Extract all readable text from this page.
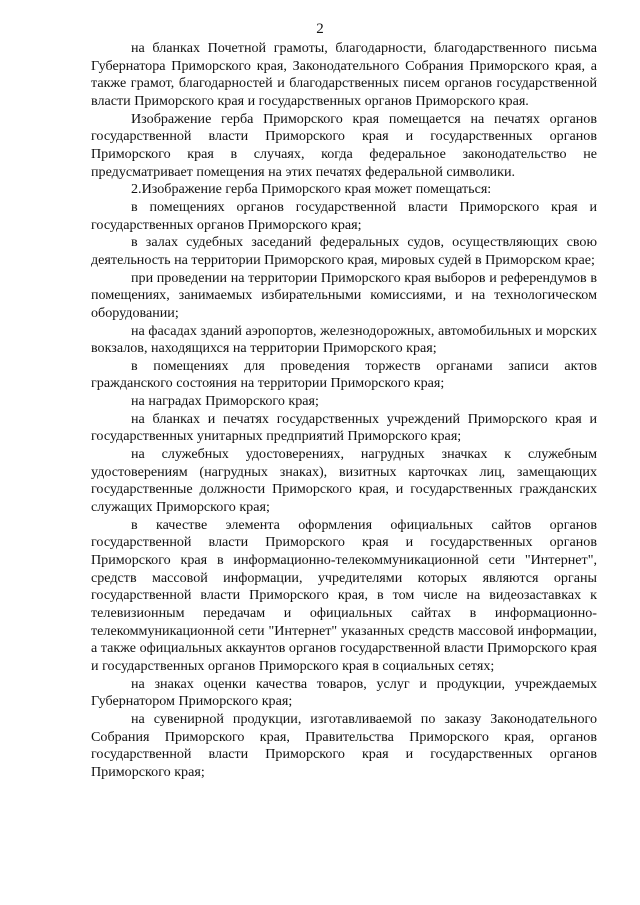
2

на бланках Почетной грамоты, благодарности, благодарственного письма Губернатора Приморского края, Законодательного Собрания Приморского края, а также грамот, благодарностей и благодарственных писем органов государственной власти Приморского края и государственных органов Приморского края.

Изображение герба Приморского края помещается на печатях органов государственной власти Приморского края и государственных органов Приморского края в случаях, когда федеральное законодательство не предусматривает помещения на этих печатях федеральной символики.

2.Изображение герба Приморского края может помещаться:

в помещениях органов государственной власти Приморского края и государственных органов Приморского края;

в залах судебных заседаний федеральных судов, осуществляющих свою деятельность на территории Приморского края, мировых судей в Приморском крае;

при проведении на территории Приморского края выборов и референдумов в помещениях, занимаемых избирательными комиссиями, и на технологическом оборудовании;

на фасадах зданий аэропортов, железнодорожных, автомобильных и морских вокзалов, находящихся на территории Приморского края;

в помещениях для проведения торжеств органами записи актов гражданского состояния на территории Приморского края;

на наградах Приморского края;

на бланках и печатях государственных учреждений Приморского края и государственных унитарных предприятий Приморского края;

на служебных удостоверениях, нагрудных значках к служебным удостоверениям (нагрудных знаках), визитных карточках лиц, замещающих государственные должности Приморского края, и государственных гражданских служащих Приморского края;

в качестве элемента оформления официальных сайтов органов государственной власти Приморского края и государственных органов Приморского края в информационно-телекоммуникационной сети "Интернет", средств массовой информации, учредителями которых являются органы государственной власти Приморского края, в том числе на видеозаставках к телевизионным передачам и официальных сайтах в информационно-телекоммуникационной сети "Интернет" указанных средств массовой информации, а также официальных аккаунтов органов государственной власти Приморского края и государственных органов Приморского края в социальных сетях;

на знаках оценки качества товаров, услуг и продукции, учреждаемых Губернатором Приморского края;

на сувенирной продукции, изготавливаемой по заказу Законодательного Собрания Приморского края, Правительства Приморского края, органов государственной власти Приморского края и государственных органов Приморского края;
